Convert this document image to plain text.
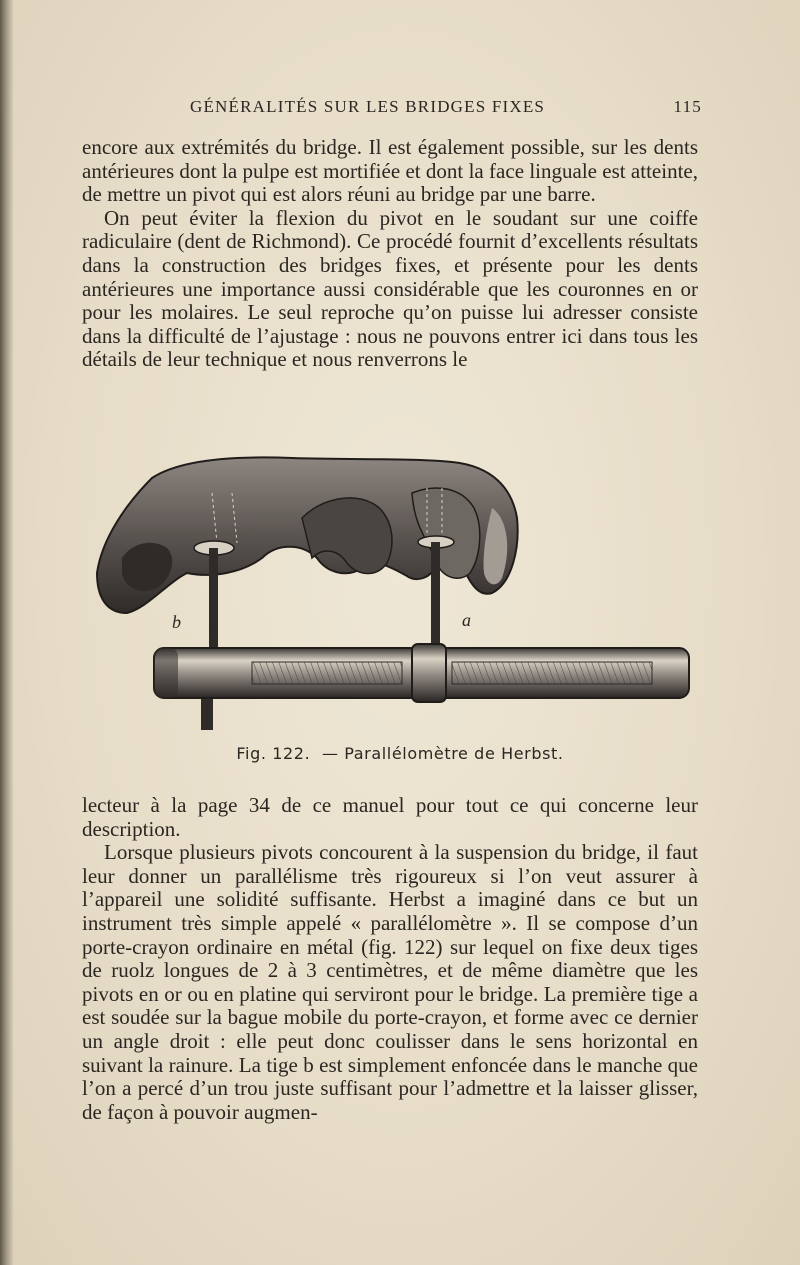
GÉNÉRALITÉS SUR LES BRIDGES FIXES	115

encore aux extrémités du bridge. Il est également possible, sur les dents antérieures dont la pulpe est mortifiée et dont la face linguale est atteinte, de mettre un pivot qui est alors réuni au bridge par une barre.

On peut éviter la flexion du pivot en le soudant sur une coiffe radiculaire (dent de Richmond). Ce procédé fournit d’excellents résultats dans la construction des bridges fixes, et présente pour les dents antérieures une importance aussi considérable que les couronnes en or pour les molaires. Le seul reproche qu’on puisse lui adresser consiste dans la difficulté de l’ajustage : nous ne pouvons entrer ici dans tous les détails de leur technique et nous renverrons le

b	a
Fig. 122. — Parallélomètre de Herbst.

lecteur à la page 34 de ce manuel pour tout ce qui concerne leur description.

Lorsque plusieurs pivots concourent à la suspension du bridge, il faut leur donner un parallélisme très rigoureux si l’on veut assurer à l’appareil une solidité suffisante. Herbst a imaginé dans ce but un instrument très simple appelé « parallélomètre ». Il se compose d’un porte-crayon ordinaire en métal (fig. 122) sur lequel on fixe deux tiges de ruolz longues de 2 à 3 centimètres, et de même diamètre que les pivots en or ou en platine qui serviront pour le bridge. La première tige a est soudée sur la bague mobile du porte-crayon, et forme avec ce dernier un angle droit : elle peut donc coulisser dans le sens horizontal en suivant la rainure. La tige b est simplement enfoncée dans le manche que l’on a percé d’un trou juste suffisant pour l’admettre et la laisser glisser, de façon à pouvoir augmen-
